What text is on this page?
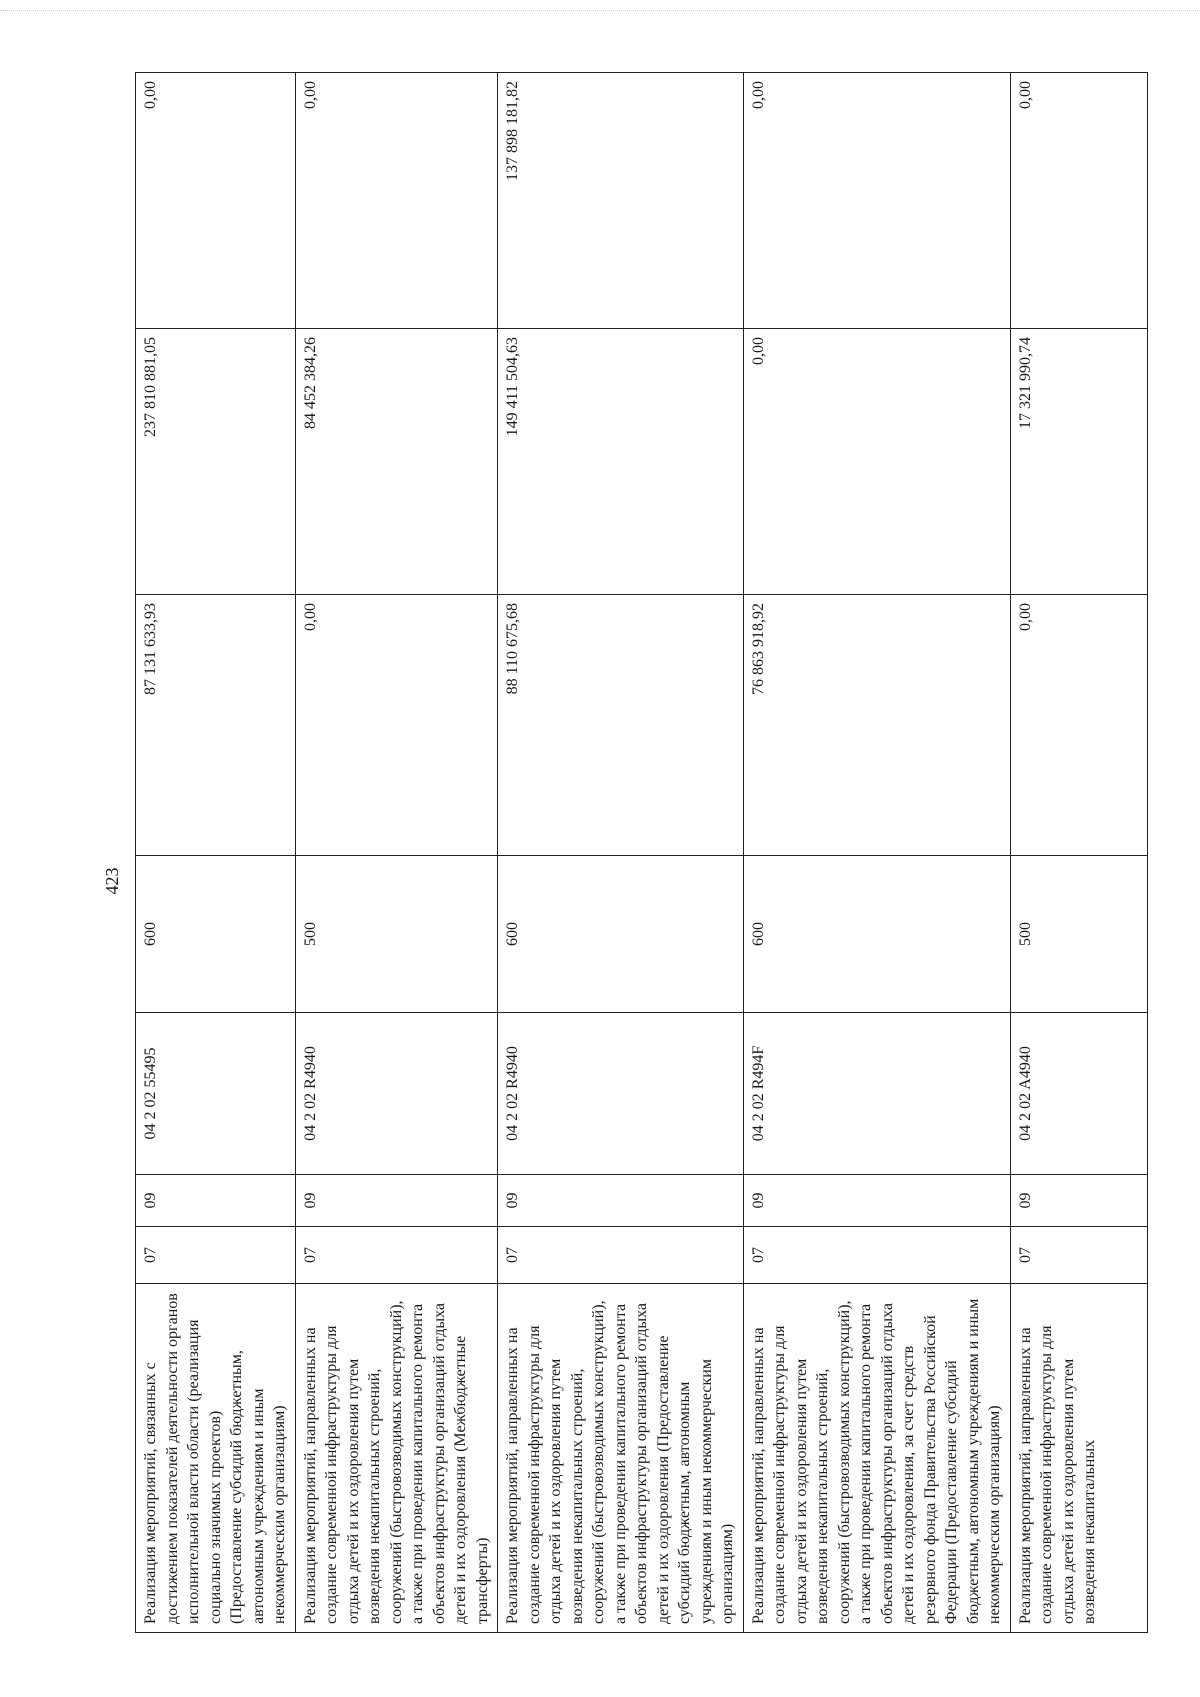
423
Реализация мероприятий, связанных с достижением показателей деятельности органов исполнительной власти области (реализация социально значимых проектов) (Предоставление субсидий бюджетным, автономным учреждениям и иным некоммерческим организациям)	07	09	04 2 02 55495	600	87 131 633,93	237 810 881,05	0,00
Реализация мероприятий, направленных на создание современной инфраструктуры для отдыха детей и их оздоровления путем возведения некапитальных строений, сооружений (быстровозводимых конструкций), а также при проведении капитального ремонта объектов инфраструктуры организаций отдыха детей и их оздоровления (Межбюджетные трансферты)	07	09	04 2 02 R4940	500	0,00	84 452 384,26	0,00
Реализация мероприятий, направленных на создание современной инфраструктуры для отдыха детей и их оздоровления путем возведения некапитальных строений, сооружений (быстровозводимых конструкций), а также при проведении капитального ремонта объектов инфраструктуры организаций отдыха детей и их оздоровления (Предоставление субсидий бюджетным, автономным учреждениям и иным некоммерческим организациям)	07	09	04 2 02 R4940	600	88 110 675,68	149 411 504,63	137 898 181,82
Реализация мероприятий, направленных на создание современной инфраструктуры для отдыха детей и их оздоровления путем возведения некапитальных строений, сооружений (быстровозводимых конструкций), а также при проведении капитального ремонта объектов инфраструктуры организаций отдыха детей и их оздоровления, за счет средств резервного фонда Правительства Российской Федерации (Предоставление субсидий бюджетным, автономным учреждениям и иным некоммерческим организациям)	07	09	04 2 02 R494F	600	76 863 918,92	0,00	0,00
Реализация мероприятий, направленных на создание современной инфраструктуры для отдыха детей и их оздоровления путем возведения некапитальных	07	09	04 2 02 A4940	500	0,00	17 321 990,74	0,00
